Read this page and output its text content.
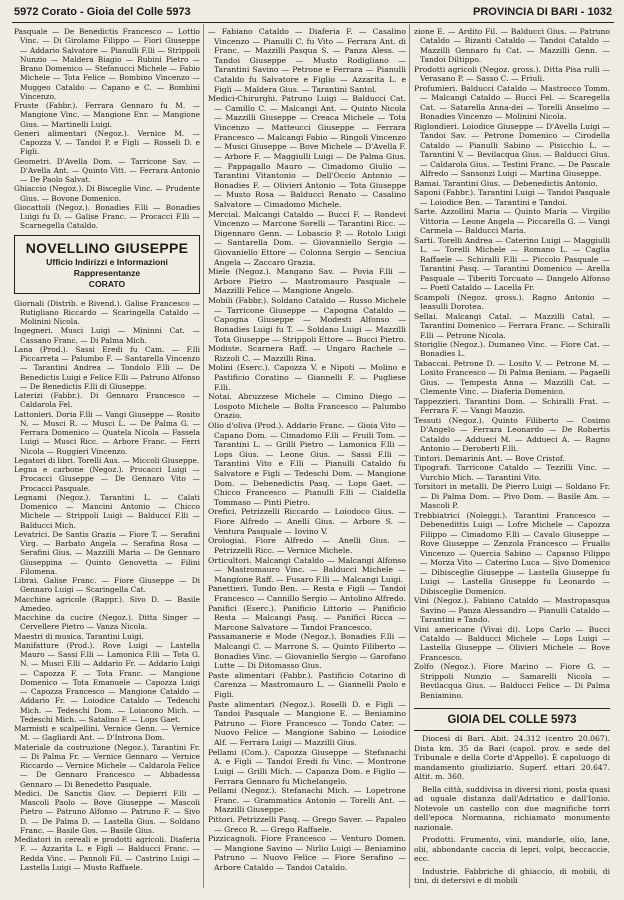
5972 Corato - Gioia del Colle 5973	PROVINCIA DI BARI - 1032

Pasquale — De Benedictis Francesco — Lottio Vinc. — Di Girolamo Filippo — Fiori Giuseppe — Addario Salvatore — Pianulli F.lli — Strippoli Nunzio — Maldera Biagio — Rubini Pietro — Brano Domenico — Stefanucci Michele — Fabio Michele — Tota Felice — Bombino Vincenzo — Muggeo Cataldo — Capano e C. — Bombini Vincenzo.

Fruste (Fabbr.). Ferrara Gennaro fu M. — Mangione Vinc. — Mangione Enr. — Mangione Gius. — Martinelli Luigi.

Generi alimentari (Negoz.). Vernice M. — Capozza V. — Tandoi P. e Figli — Rosseli D. e Figli.

Geometri. D'Avella Dom. — Tarricone Sav. — D'Avella Ant. — Quinto Vitt. — Ferrara Antonio — De Paolo Salvat.

Ghiaccio (Negoz.). Di Bisceglie Vinc. — Prudente Gius. — Bovone Domenico.

Giocattoli (Negoz.). Bonadies F.lli — Bonadies Luigi fu D. — Galise Franc. — Procacci F.lli — Scarnegella Cataldo.

NOVELLINO GIUSEPPE
Ufficio Indirizzi e Informazioni
Rappresentanze
CORATO

Giornali (Distrib. e Rivend.). Galise Francesco — Rutigliano Riccardo — Scaringella Cataldo — Molinini Nicola.

Ingegneri. Musci Luigi — Mininni Cat. — Cassano Franc. — Di Palma Mich.

Lana (Prod.). Sassi Eredi fu Cam. — F.lli Piccarreta — Palumbo F. — Santarella Vincenzo — Tarantini Andrea — Tondolo F.lli — De Benedictis Luigi e Felice F.lli — Patruno Alfonso — De Benedictis F.lli di Giuseppe.

Laterizi (Fabbr.). Di Gennaro Francesco — Caldarola Fel.

Lattonieri. Doria F.lli — Vangi Giuseppe — Rosito N. — Musci R. — Musci L. — De Palma G. — Ferrara Domenico — Quatela Nicola — Fassela Luigi — Musci Ricc. — Arbore Franc. — Ferri Nicola — Ruggieri Vincenzo.

Legatori di libri. Torelli Aus. — Miccoli Giuseppe.

Legna e carbone (Negoz.). Procacci Luigi — Procacci Giuseppe — De Gennaro Vito — Procacci Pasquale.

Legnami (Negoz.). Tarantini L. — Calati Domenico — Mancini Antonio — Chicco Michele — Strippoli Luigi — Balducci F.lli — Balducci Mich.

Levatrici. De Santis Grazia — Fiore T. — Serafini Virg. — Barbato Angela — Serafina Rosa — Serafini Gius. — Mazzilli Maria — De Gennaro Giuseppina — Quinto Genovetta — Filini Filomena.

Librai. Galise Franc. — Fiore Giuseppe — Di Gennaro Luigi — Scaringella Cat.

Macchine agricole (Rappr.). Sivo D. — Basile Amedeo.

Macchine da cucire (Negoz.). Ditta Singer — Cervellere Pietro — Vanza Nicola.

Maestri di musica. Tarantini Luigi.

Manifatture (Prod.). Rove Luigi — Lastella Mauro — Sassi F.lli — Lamonica F.lli — Tota G. N. — Musci F.lli — Addario Fr. — Addario Luigi — Capozza F. — Tota Franc. — Mangione Domenico — Tota Emanuele — Capozza Luigi — Capozza Francesco — Mangione Cataldo — Addario Fr. — Loiodice Cataldo — Tedeschi Mich. — Tedeschi Dom. — Loiacono Mich. — Tedeschi Mich. — Satalino F. — Lops Gaet.

Marmisti e scalpellini. Vernice Genn. — Vernice M. — Gagliardi Ant. — D'Introna Dom.

Materiale da costruzione (Negoz.). Tarantini Fr. — Di Palma Fr. — Vernice Gennaro — Vernice Riccardo — Vernice Michele — Caldarola Felice — De Gennaro Francesco — Abbadessa Gennaro — Di Benedetto Pasquale.

Medici. De Sanctis Giov. — Depierri F.lli — Mascoli Paolo — Bove Giuseppe — Mascoli Pietro — Patruno Alfonso — Patruno F. — Sivo D. — De Palma D. — Lastella Gius. — Soldano Franc. — Basile Gos. — Basile Gius.

Mediatori in cereali e prodotti agricoli. Diaferia F. — Azzarita L. e Figli — Balducci Franc. — Redda Vinc. — Pannoli Fil. — Castrino Luigi — Lastella Luigi — Musto Raffaele.

— Fabiano Cataldo — Diaferia F. — Casalino Vincenzo — Pianulli C. fu Vito — Ferrara Ant. di Franc. — Mazzilli Pasqua S. — Panza Aless. — Tandoi Giuseppe — Musto Rodigliano — Tarantini Savino — Petrone e Ferrara — Pianulli Cataldo fu Salvatore e Figlio — Azzarita L. e Figli — Maldera Gius. — Tarantini Santol.

Medici-Chirurghi. Patruno Luigi — Balducci Cat. — Camillo C. — Malcangi Ant. — Quinto Nicola — Mazzilli Giuseppe — Creaca Michele — Tota Vincenzo — Matteucci Giuseppe — Ferrara Francesco — Malcangi Fabio — Ringoli Vincenzo — Musci Giuseppe — Bove Michele — D'Avella F. — Arbore F. — Maggiulli Luigi — De Palma Gius. — Pappagallo Mauro — Cimadomo Giulio — Tarantini Vitantonio — Dell'Occio Antonio — Bonadies F. — Olivieri Antonio — Tota Giuseppe — Musto Rosa — Balducci Renato — Casalino Salvatore — Cimadomo Michele.

Mercial. Malcangi Cataldo — Bucci F. — Rondevi Vincenzo — Marcone Sorelli — Tarantini Ricc. — Digennaro Genn. — Lobascio P. — Rotolo Luigi — Santarella Dom. — Giovanniello Sergio — Giovaniello Ettore — Colonna Sergio — Senciua Angela — Zaccaro Grazia.

Miele (Negoz.). Mangano Sav. — Povia F.lli — Arbore Pietro — Mastromauro Pasquale — Mazzilli Felice — Mangione Angelo.

Mobili (Fabbr.). Soldano Cataldo — Russo Michele — Tarricone Giuseppe — Capogna Cataldo — Capogna Giuseppe — Modesti Alfonso — Bonadies Luigi fu T. — Soldano Luigi — Mazzilli Tota Giuseppe — Strippoli Ettore — Bucci Pietro.

Modiste. Scarnera Raff. — Ungaro Rachele — Rizzoli C. — Mazzilli Rina.

Molini (Eserc.). Capozza V. e Nipoti — Molino e Pastificio Coratino — Giannelli F. — Pugliese F.lli.

Notai. Abruzzese Michele — Cimino Diego — Lospoto Michele — Bolta Francesco — Palumbo Orazio.

Olio d'oliva (Prod.). Addario Franc. — Gioia Vito — Capano Dom. — Cimadomo F.lli — Fruili Tom. — Tarantini L. — Grilli Pietro — Lamonica F.lli — Lops Gius. — Leone Gius. — Sassi F.lli — Tarantini Vito e F.lli — Pianulli Cataldo fu Salvatore e Figli — Tedeschi Dom. — Mangione Dom. — Debenedictis Pasq. — Lops Gaet. — Chicco Francesco — Pianulli F.lli — Cialdella Tommaso — Pinti Pietro.

Orefici. Petrizzelli Riccardo — Loiodoco Gius. — Fiore Alfredo — Anelli Gius. — Arbore S. — Ventura Pasquale — Iovino V.

Orologiai. Fiore Alfredo — Anelli Gius. — Petrizzelli Ricc. — Vernice Michele.

Orticultori. Malcangi Cataldo — Malcangi Alfonso — Mastromauro Vinc. — Balducci Michele — Mangione Raff. — Fusaro F.lli — Malcangi Luigi.

Panettieri. Tondo Ben. — Resta e Figli — Tandoi Francesco — Cannillo Sergio — Antolino Alfredo.

Panifici (Eserc.). Panificio Littorio — Panificio Resta — Malcangi Pasq. — Panifici Ricca — Marcone Salvatore — Tandoi Francesco.

Passamanerie e Mode (Negoz.). Bonadies F.lli — Malcangi C. — Marrone S. — Quinto Filiberto — Bonadies Vinc. — Giovaniello Sergio — Garofano Lutte — Di Ditomasso Gius.

Paste alimentari (Fabbr.). Pastificio Cotarino di Carenza — Mastromauro L. — Giannelli Paolo e Figli.

Paste alimentari (Negoz.). Roselli D. e Figli — Tandoi Pasquale — Mangione E. — Beniamino Patruno — Fiore Francesco — Tondo Cater. — Nuovo Felice — Mangione Sabino — Loiodice Alf. — Ferrara Luigi — Mazzilli Gius.

Pellami (Com.). Capozza Giuseppe — Stefanachi A. e Figli — Tandoi Eredi fu Vinc. — Montrone Luigi — Grilli Mich. — Capanza Dom. e Figlio — Ferrara Gennaro fu Michelangelo.

Pellami (Negoz.). Stefanachi Mich. — Lopetrone Franc. — Grammatica Antonio — Torelli Ant. — Mazzilli Giuseppe.

Pittori. Petrizzelli Pasq. — Grego Saver. — Papaleo — Greco R. — Grego Raffaele.

Pizzicagnoli. Fiore Francesco — Venturo Domen. — Mangione Savino — Nirlio Luigi — Beniamino Patruno — Nuovo Felice — Fiore Serafino — Arbore Cataldo — Tandoi Cataldo.

zione E. — Ardito Fil. — Balducci Gius. — Patruno Cataldo — Bizanti Cataldo — Tandoi Cataldo — Mazzilli Gennaro fu Cat. — Mazzilli Genn. — Tandoi Diltippo.

Prodotti agricoli (Negoz. gross.). Ditta Pisa rulli — Verasano P. — Sasso C. — Friuli.

Profumieri. Balducci Cataldo — Mastrocco Tomm. — Malcangi Cataldo — Bucci Fel. — Scaregella Cat. — Satarella Anna-dei — Torelli Anselmo — Bonadies Vincenzo — Molinini Nicola.

Riglondieri. Loiodice Giuseppe — D'Avella Luigi — Tandoi Sav. — Petrone Domenico — Cirodella Cataldo — Pianulli Sabino — Pisicchio L. — Tarantini V. — Bevilacqua Gius. — Balducci Gius. — Caldarola Gius. — Testini Franc. — De Pascale Alfredo — Sansonzi Luigi — Martina Giuseppe.

Ramai. Tarantini Gius. — Debenedictis Antonio.

Saponi (Fabbr.). Tarantini Luigi — Tandoi Pasquale — Loiodice Ben. — Tarantini e Tandoi.

Sarte. Azzollini Maria — Quinto Maria — Virgilio Vittoria — Leone Angela — Piccarella G. — Vangi Carmela — Balducci Maria.

Sarti. Torelli Andrea — Caterino Luigi — Maggiulli L. — Torelli Michele — Romano L. — Caglia Raffaele — Schiralli F.lli — Piccolo Pasquale — Tarantini Pasq. — Tarantini Domenico — Arella Pasquale — Tiberiti Torcuato — Dangelo Alfonso — Poetl Cataldo — Lacella Fr.

Scampoli (Negoz. gross.). Ragno Antonio — Ieasulli Dorotea.

Sellai. Malcangi Catal. — Mazzilli Catal. — Tarantini Domenico — Ferrara Franc. — Schiralli F.lli — Petrone Nicola.

Storiglie (Negoz.). Dumaneo Vinc. — Fiore Cat. — Bonadies L.

Tabaccai. Petrone D. — Losito V. — Petrone M. — Losito Francesco — Di Palma Beniam. — Pagaelli Gius. — Tempesta Anna — Mazzilli Cat. — Clemente Vinc. — Diaferia Domenico.

Tappezzieri. Tarantini Dom. — Schiralli Frat. — Ferrara F. — Vangi Mauzio.

Tessuti (Negoz.). Quinto Filiberto — Cosimo D'Angelo — Ferrara Leonardo — De Robertis Cataldo — Addueci M. — Addueci A. — Ragno Antonio — Deroberti F.lli.

Tintori. Demarinis Ant. — Bove Cristof.

Tipografi. Tarricone Cataldo — Tezzilli Vinc. — Vurchio Mich. — Tarantini Vito.

Torsitori in metalli. De Pierro Luigi — Soldano Fr. — Di Palma Dom. — Pivo Dom. — Basile Am. — Mascoli P.

Trebbiatrici (Noleggi.). Tarantini Francesco — Debenedittis Luigi — Lofre Michele — Capozza Filippo — Cimadomo F.lli — Cavalo Giuseppe — Rove Giuseppe — Zenzola Francesco — Fruallo Vincenzo — Quercia Sabino — Capanso Filippo — Morza Vito — Caterino Luca — Sivo Domenico — Dibisceglie Giuseppe — Lastella Giuseppe fu Luigi — Lastella Giuseppe fu Leonardo — Dibisceglie Domenico.

Vini (Negoz.). Fabiano Cataldo — Mastropasqua Savino — Panza Alessandro — Pianulli Cataldo — Tarantini e Tando.

Vini americane (Vivai di). Lops Carlo — Bucci Cataldo — Balducci Michele — Lops Luigi — Lastella Giuseppe — Olivieri Michele — Bove Francesco.

Zolfo (Negoz.). Fiore Marino — Fiore G. — Strippoli Nunzio — Samarelli Nicola — Bevilacqua Gius. — Balducci Felice — Di Palma Beniamino.

GIOIA DEL COLLE 5973

Diocesi di Bari. Abit. 24.312 (centro 20.067). Dista km. 35 da Bari (capol. prov. e sede del Tribunale e della Corte d'Appello). È capoluogo di mandamento giudiziario. Superf. ettari 20.647. Altit. m. 360.

Bella città, suddivisa in diversi rioni, posta quasi ad uguale distanza dall'Adriatico e dall'Ionio. Notevole un castello con due magnifiche torri dell'epoca Normanna, richiamato monumento nazionale.

Prodotti. Frumento, vini, mandorle, olio, lane, olii, abbondante caccia di lepri, volpi, beccaccie, ecc.

Industrie. Fabbriche di ghiaccio, di mobili, di tini, di detersivi e di mobili
